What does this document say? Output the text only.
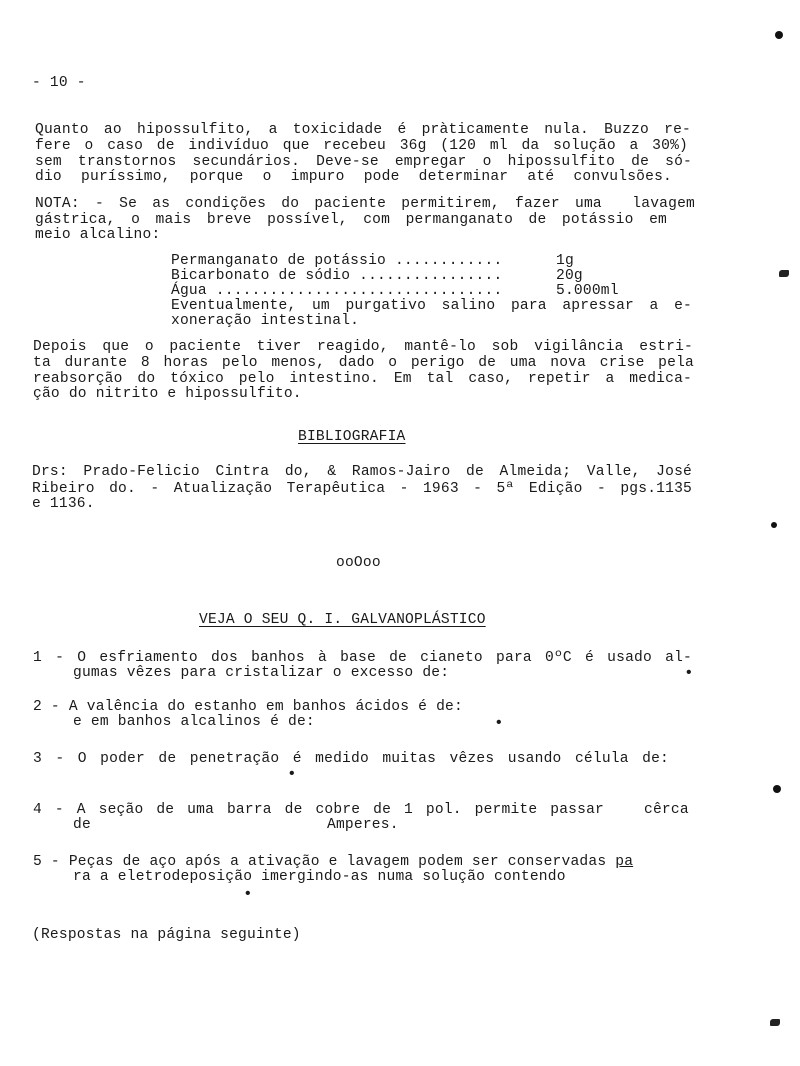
- 10 -
Quanto ao hipossulfito, a toxicidade é pràticamente nula. Buzzo re-
fere o caso de indivíduo que recebeu 36g (120 ml da solução a 30%)
sem transtornos secundários. Deve-se empregar o hipossulfito de só-
dio puríssimo, porque o impuro pode determinar até convulsões.
NOTA: - Se as condições do paciente permitirem, fazer uma  lavagem
gástrica, o mais breve possível, com permanganato de potássio em
meio alcalino:
Permanganato de potássio ............	1g
Bicarbonato de sódio ................	20g
Água ................................	5.000ml
Eventualmente, um purgativo salino para apressar a e-
xoneração intestinal.
Depois que o paciente tiver reagido, mantê-lo sob vigilância estri-
ta durante 8 horas pelo menos, dado o perigo de uma nova crise pela
reabsorção do tóxico pelo intestino. Em tal caso, repetir a medica-
ção do nitrito e hipossulfito.
BIBLIOGRAFIA
Drs: Prado-Felicio Cintra do, & Ramos-Jairo de Almeida; Valle, José
Ribeiro do. - Atualização Terapêutica - 1963 - 5ª Edição - pgs.1135
e 1136.
ooOoo
VEJA O SEU Q. I. GALVANOPLÁSTICO
1 - O esfriamento dos banhos à base de cianeto para 0ºC é usado al-
gumas vêzes para cristalizar o excesso de:	•
2 - A valência do estanho em banhos ácidos é de:
e em banhos alcalinos é de:	•
3 - O poder de penetração é medido muitas vêzes usando célula de:
•
4 - A seção de uma barra de cobre de 1 pol. permite passar	cêrca
de	Amperes.
5 - Peças de aço após a ativação e lavagem podem ser conservadas pa
ra a eletrodeposição imergindo-as numa solução contendo
•
(Respostas na página seguinte)
